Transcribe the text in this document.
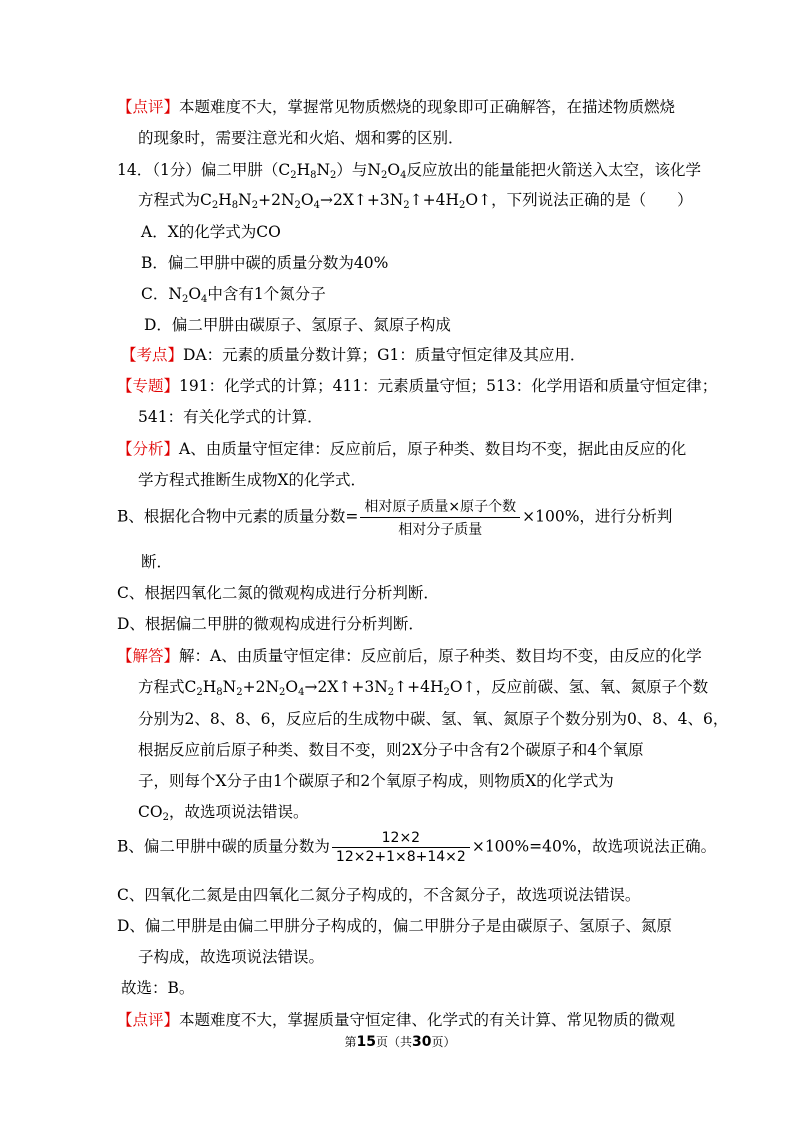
【点评】本题难度不大，掌握常见物质燃烧的现象即可正确解答，在描述物质燃烧
的现象时，需要注意光和火焰、烟和雾的区别．
14．（1分）偏二甲肼$(C_2H_8N_2)$与$N_2O_4$反应放出的能量能把火箭送入太空，该化学
方程式为$C_2H_8N_2+2N_2O_4\to 2X↑+3N_2↑+4H_2O↑$，下列说法正确的是（　　）
A．X的化学式为CO
B．偏二甲肼中碳的质量分数为40%
C．$N_2O_4$中含有1个氮分子
D．偏二甲肼由碳原子、氢原子、氮原子构成
【考点】DA：元素的质量分数计算；G1：质量守恒定律及其应用．
【专题】191：化学式的计算；411：元素质量守恒；513：化学用语和质量守恒定律；
541：有关化学式的计算．
【分析】A、由质量守恒定律：反应前后，原子种类、数目均不变，据此由反应的化
学方程式推断生成物X的化学式．
B、根据化合物中元素的质量分数= $\frac{\text{相对原子质量×原子个数}}{\text{相对分子质量}} \times 100\%$，进行分析判
断．
C、根据四氧化二氮的微观构成进行分析判断．
D、根据偏二甲肼的微观构成进行分析判断．
【解答】解：A、由质量守恒定律：反应前后，原子种类、数目均不变，由反应的化学
方程式$C_2H_8N_2+2N_2O_4\to 2X↑+3N_2↑+4H_2O↑$，反应前碳、氢、氧、氮原子个数
分别为2、8、8、6，反应后的生成物中碳、氢、氧、氮原子个数分别为0、8、4、6，
根据反应前后原子种类、数目不变，则2X分子中含有2个碳原子和4个氧原
子，则每个X分子由1个碳原子和2个氧原子构成，则物质X的化学式为
$CO_2$，故选项说法错误。
B、偏二甲肼中碳的质量分数为 $\frac{12\times 2}{12\times 2+1\times 8+14\times 2} \times 100\%=40\%$，故选项说法正确。
C、四氧化二氮是由四氧化二氮分子构成的，不含氮分子，故选项说法错误。
D、偏二甲肼是由偏二甲肼分子构成的，偏二甲肼分子是由碳原子、氢原子、氮原
子构成，故选项说法错误。
故选：B。
【点评】本题难度不大，掌握质量守恒定律、化学式的有关计算、常见物质的微观
第15页（共30页）
